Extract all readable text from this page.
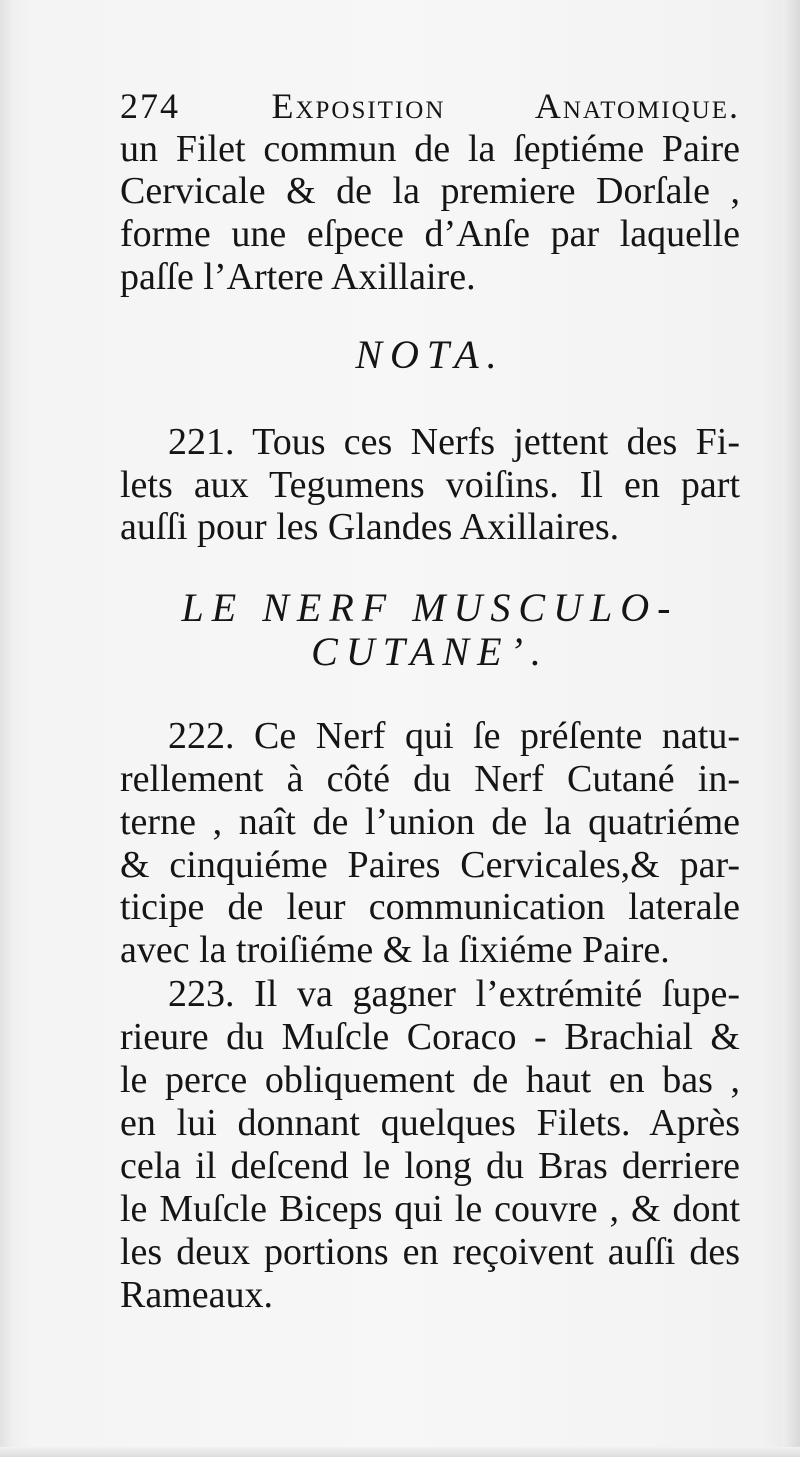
274 Exposition Anatomique.
un Filet commun de la ſeptiéme Paire
Cervicale & de la premiere Dorſale ,
forme une eſpece d’Anſe par laquelle
paſſe l’Artere Axillaire.
NOTA.
221. Tous ces Nerfs jettent des Fi-
lets aux Tegumens voiſins. Il en part
auſſi pour les Glandes Axillaires.
LE NERF MUSCULO-
CUTANE’.
222. Ce Nerf qui ſe préſente natu-
rellement à côté du Nerf Cutané in-
terne , naît de l’union de la quatriéme
& cinquiéme Paires Cervicales,& par-
ticipe de leur communication laterale
avec la troiſiéme & la ſixiéme Paire.
223. Il va gagner l’extrémité ſupe-
rieure du Muſcle Coraco - Brachial &
le perce obliquement de haut en bas ,
en lui donnant quelques Filets. Après
cela il deſcend le long du Bras derriere
le Muſcle Biceps qui le couvre , & dont
les deux portions en reçoivent auſſi des
Rameaux.
